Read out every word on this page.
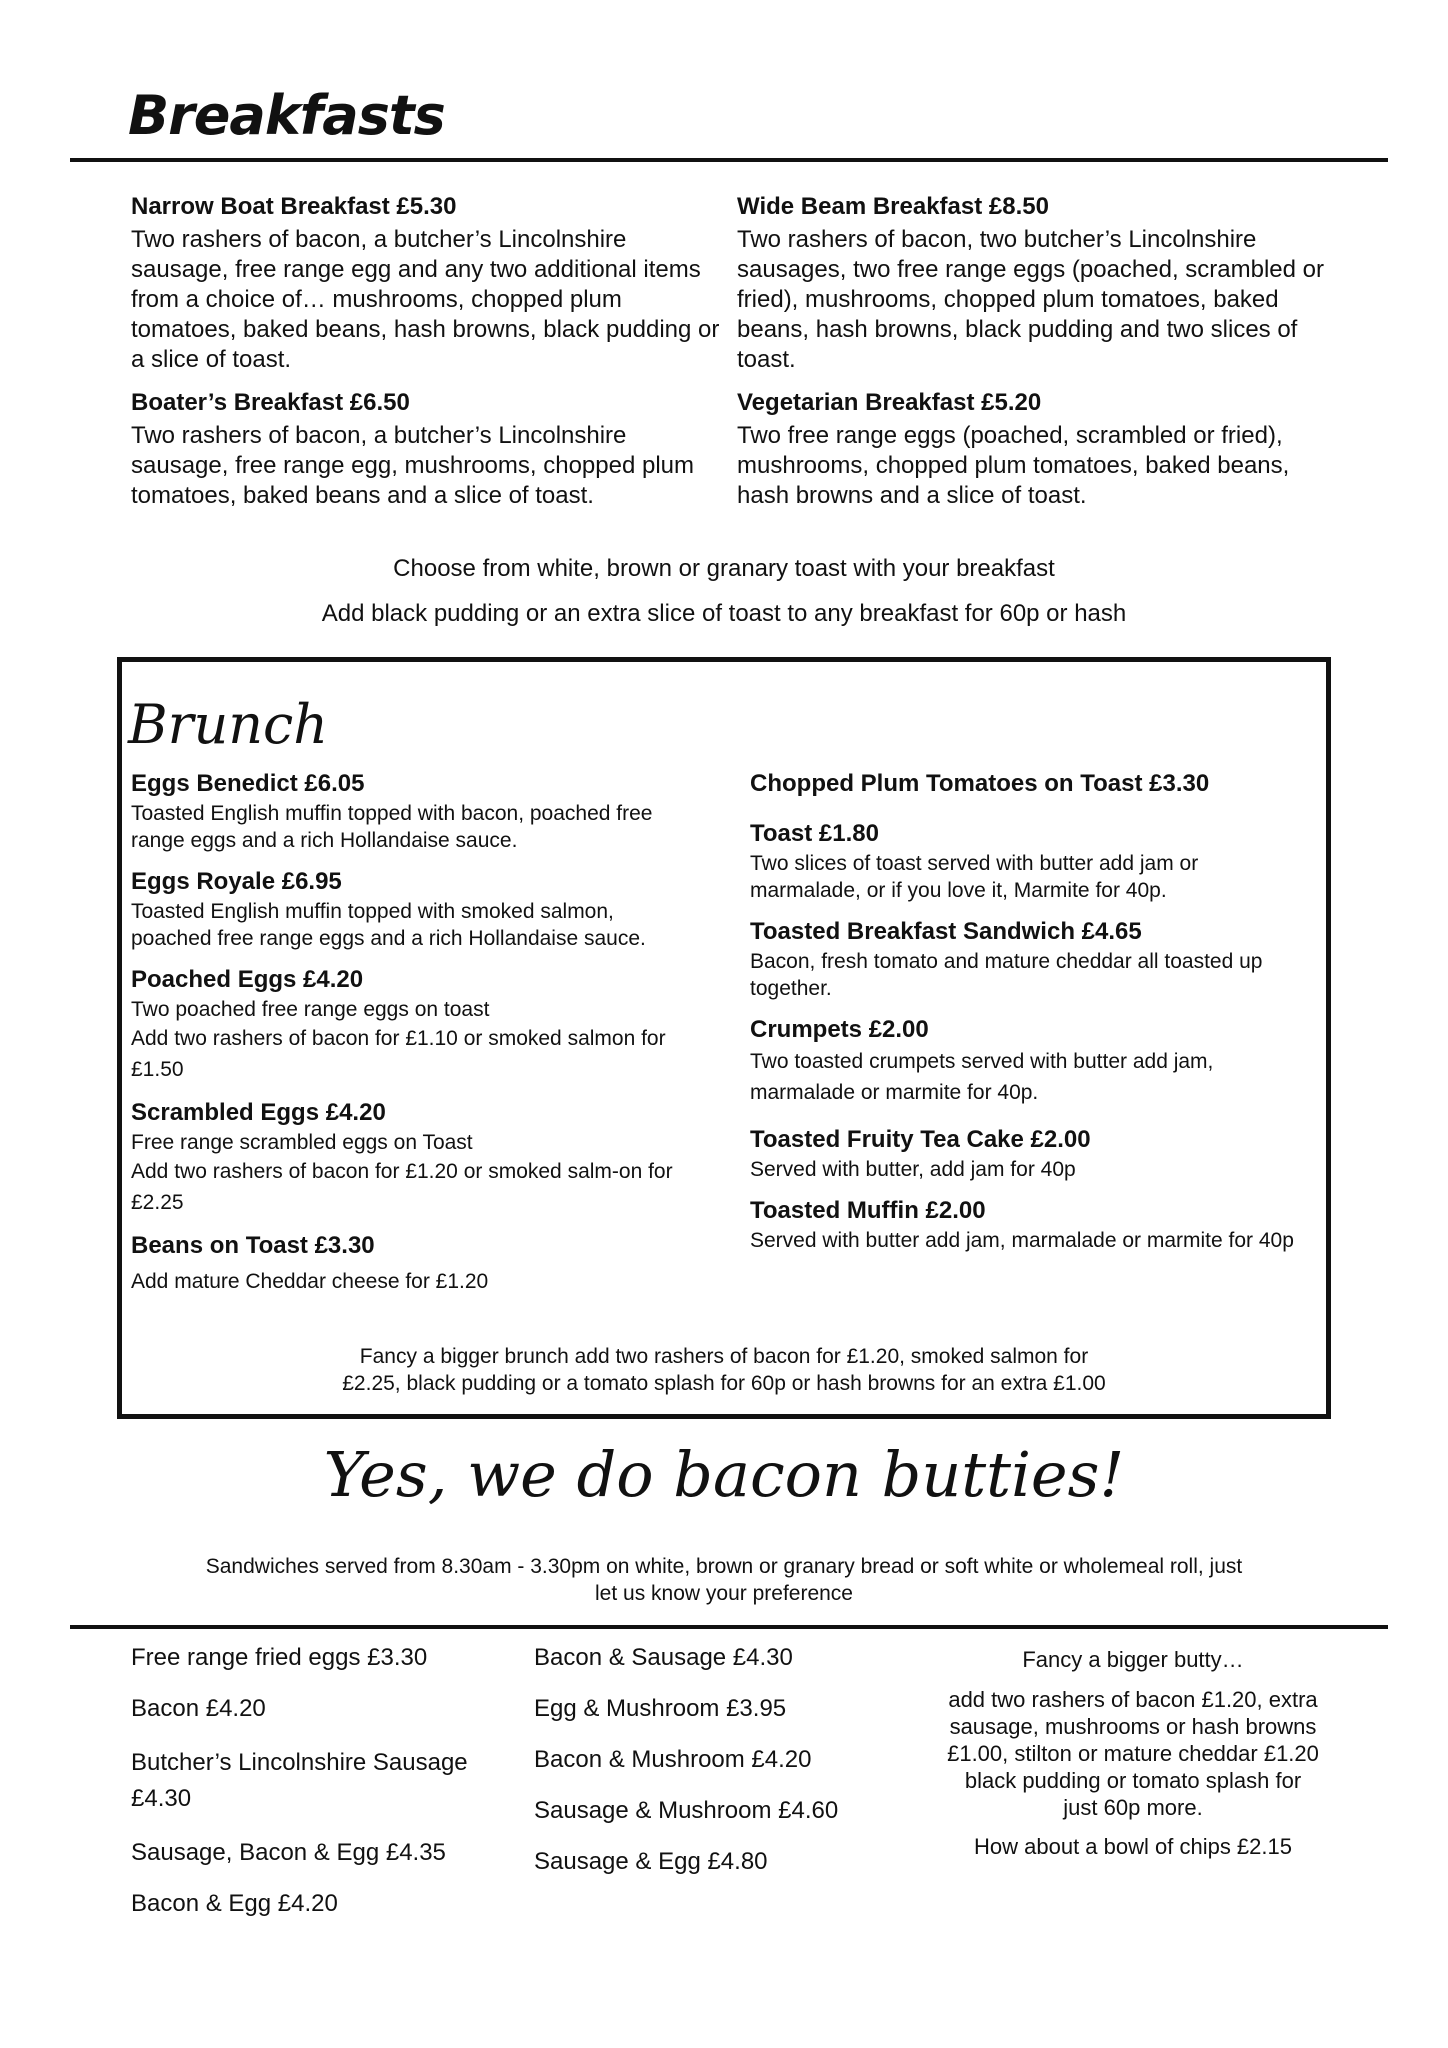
Breakfasts

Narrow Boat Breakfast £5.30

Two rashers of bacon, a butcher’s Lincolnshire sausage, free range egg and any two additional items from a choice of… mushrooms, chopped plum tomatoes, baked beans, hash browns, black pudding or a slice of toast.

Boater’s Breakfast £6.50

Two rashers of bacon, a butcher’s Lincolnshire sausage, free range egg, mushrooms, chopped plum tomatoes, baked beans and a slice of toast.

Wide Beam Breakfast £8.50

Two rashers of bacon, two butcher’s Lincolnshire sausages, two free range eggs (poached, scrambled or fried), mushrooms, chopped plum tomatoes, baked beans, hash browns, black pudding and two slices of toast.

Vegetarian Breakfast £5.20

Two free range eggs (poached, scrambled or fried), mushrooms, chopped plum tomatoes, baked beans, hash browns and a slice of toast.

Choose from white, brown or granary toast with your breakfast
Add black pudding or an extra slice of toast to any breakfast for 60p or hash
Brunch

Eggs Benedict £6.05

Toasted English muffin topped with bacon, poached free range eggs and a rich Hollandaise sauce.

Eggs Royale £6.95

Toasted English muffin topped with smoked salmon, poached free range eggs and a rich Hollandaise sauce.

Poached Eggs £4.20

Two poached free range eggs on toast

Add two rashers of bacon for £1.10 or smoked salmon for £1.50

Scrambled Eggs £4.20

Free range scrambled eggs on Toast

Add two rashers of bacon for £1.20 or smoked salm-on for £2.25

Beans on Toast £3.30

Add mature Cheddar cheese for £1.20

Chopped Plum Tomatoes on Toast £3.30

Toast £1.80

Two slices of toast served with butter add jam or marmalade, or if you love it, Marmite for 40p.

Toasted Breakfast Sandwich £4.65

Bacon, fresh tomato and mature cheddar all toasted up together.

Crumpets £2.00

Two toasted crumpets served with butter add jam, marmalade or marmite for 40p.

Toasted Fruity Tea Cake £2.00

Served with butter, add jam for 40p

Toasted Muffin £2.00

Served with butter add jam, marmalade or marmite for 40p

Fancy a bigger brunch add two rashers of bacon for £1.20, smoked salmon for
£2.25, black pudding or a tomato splash for 60p or hash browns for an extra £1.00
Yes, we do bacon butties!
Sandwiches served from 8.30am - 3.30pm on white, brown or granary bread or soft white or wholemeal roll, just
let us know your preference
Free range fried eggs £3.30
Bacon £4.20
Butcher’s Lincolnshire Sausage £4.30
Sausage, Bacon & Egg £4.35
Bacon & Egg £4.20
Bacon & Sausage £4.30
Egg & Mushroom £3.95
Bacon & Mushroom £4.20
Sausage & Mushroom £4.60
Sausage & Egg £4.80
Fancy a bigger butty…
add two rashers of bacon £1.20, extra sausage, mushrooms or hash browns £1.00, stilton or mature cheddar £1.20 black pudding or tomato splash for just 60p more.
How about a bowl of chips £2.15
